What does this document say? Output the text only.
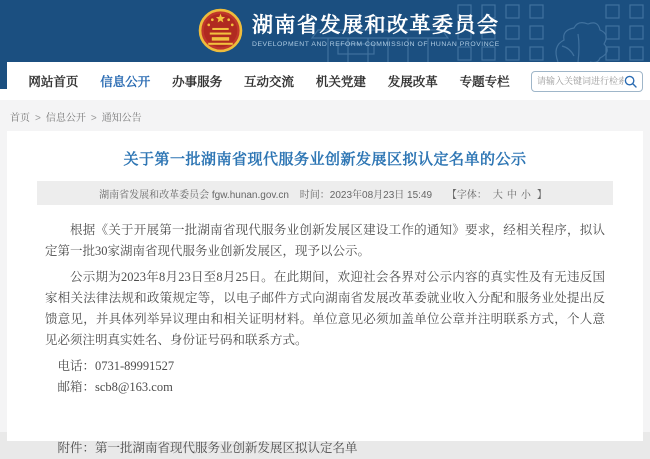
湖南省发展和改革委员会
DEVELOPMENT AND REFORM COMMISSION OF HUNAN PROVINCE
网站首页 信息公开 办事服务 互动交流 机关党建 发展改革 专题专栏
请输入关键词进行检索
首页 > 信息公开 > 通知公告
关于第一批湖南省现代服务业创新发展区拟认定名单的公示
湖南省发展和改革委员会 fgw.hunan.gov.cn 时间：2023年08月23日 15:49 【字体： 大 中 小 】

根据《关于开展第一批湖南省现代服务业创新发展区建设工作的通知》要求，经相关程序，拟认定第一批30家湖南省现代服务业创新发展区，现予以公示。

公示期为2023年8月23日至8月25日。在此期间，欢迎社会各界对公示内容的真实性及有无违反国家相关法律法规和政策规定等，以电子邮件方式向湖南省发展改革委就业收入分配和服务业处提出反馈意见，并具体列举异议理由和相关证明材料。单位意见必须加盖单位公章并注明联系方式，个人意见必须注明真实姓名、身份证号码和联系方式。

电话：0731-89991527

邮箱：scb8@163.com

附件：第一批湖南省现代服务业创新发展区拟认定名单
